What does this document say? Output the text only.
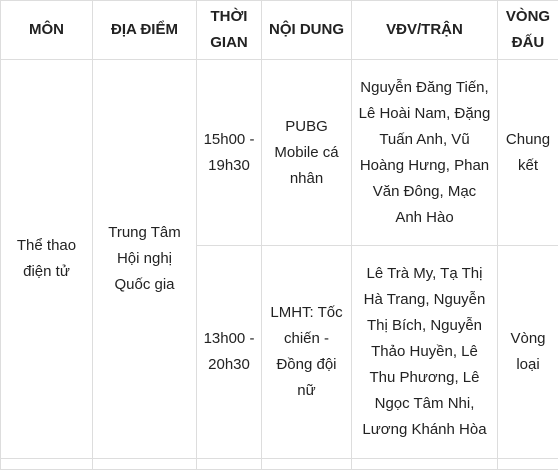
MÔN	ĐỊA ĐIỂM	THỜI GIAN	NỘI DUNG	VĐV/TRẬN	VÒNG ĐẤU
Thể thao điện tử	Trung Tâm Hội nghị Quốc gia	15h00 - 19h30	PUBG Mobile cá nhân	Nguyễn Đăng Tiến, Lê Hoài Nam, Đặng Tuấn Anh, Vũ Hoàng Hưng, Phan Văn Đông, Mạc Anh Hào	Chung kết
		13h00 - 20h30	LMHT: Tốc chiến - Đồng đội nữ	Lê Trà My, Tạ Thị Hà Trang, Nguyễn Thị Bích, Nguyễn Thảo Huyền, Lê Thu Phương, Lê Ngọc Tâm Nhi, Lương Khánh Hòa	Vòng loại
